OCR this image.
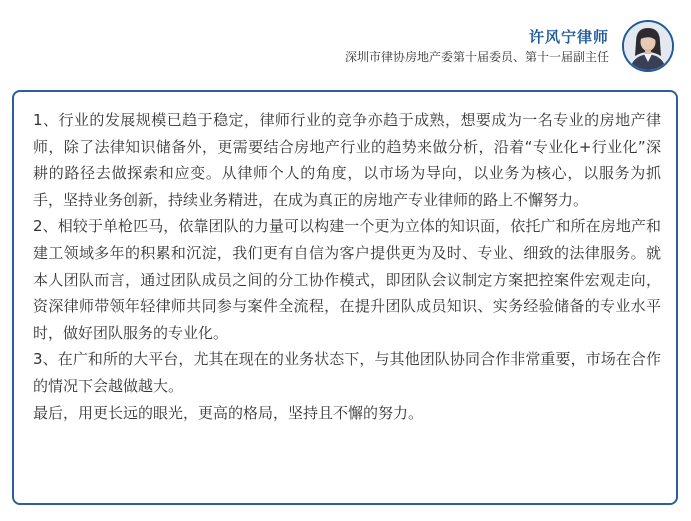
许风宁律师
深圳市律协房地产委第十届委员、第十一届副主任

1、行业的发展规模已趋于稳定，律师行业的竞争亦趋于成熟，想要成为一名专业的房地产律师，除了法律知识储备外，更需要结合房地产行业的趋势来做分析，沿着“专业化+行业化”深耕的路径去做探索和应变。从律师个人的角度，以市场为导向，以业务为核心，以服务为抓手，坚持业务创新，持续业务精进，在成为真正的房地产专业律师的路上不懈努力。

2、相较于单枪匹马，依靠团队的力量可以构建一个更为立体的知识面，依托广和所在房地产和建工领域多年的积累和沉淀，我们更有自信为客户提供更为及时、专业、细致的法律服务。就本人团队而言，通过团队成员之间的分工协作模式，即团队会议制定方案把控案件宏观走向，资深律师带领年轻律师共同参与案件全流程，在提升团队成员知识、实务经验储备的专业水平时，做好团队服务的专业化。

3、在广和所的大平台，尤其在现在的业务状态下，与其他团队协同合作非常重要，市场在合作的情况下会越做越大。

最后，用更长远的眼光，更高的格局，坚持且不懈的努力。
